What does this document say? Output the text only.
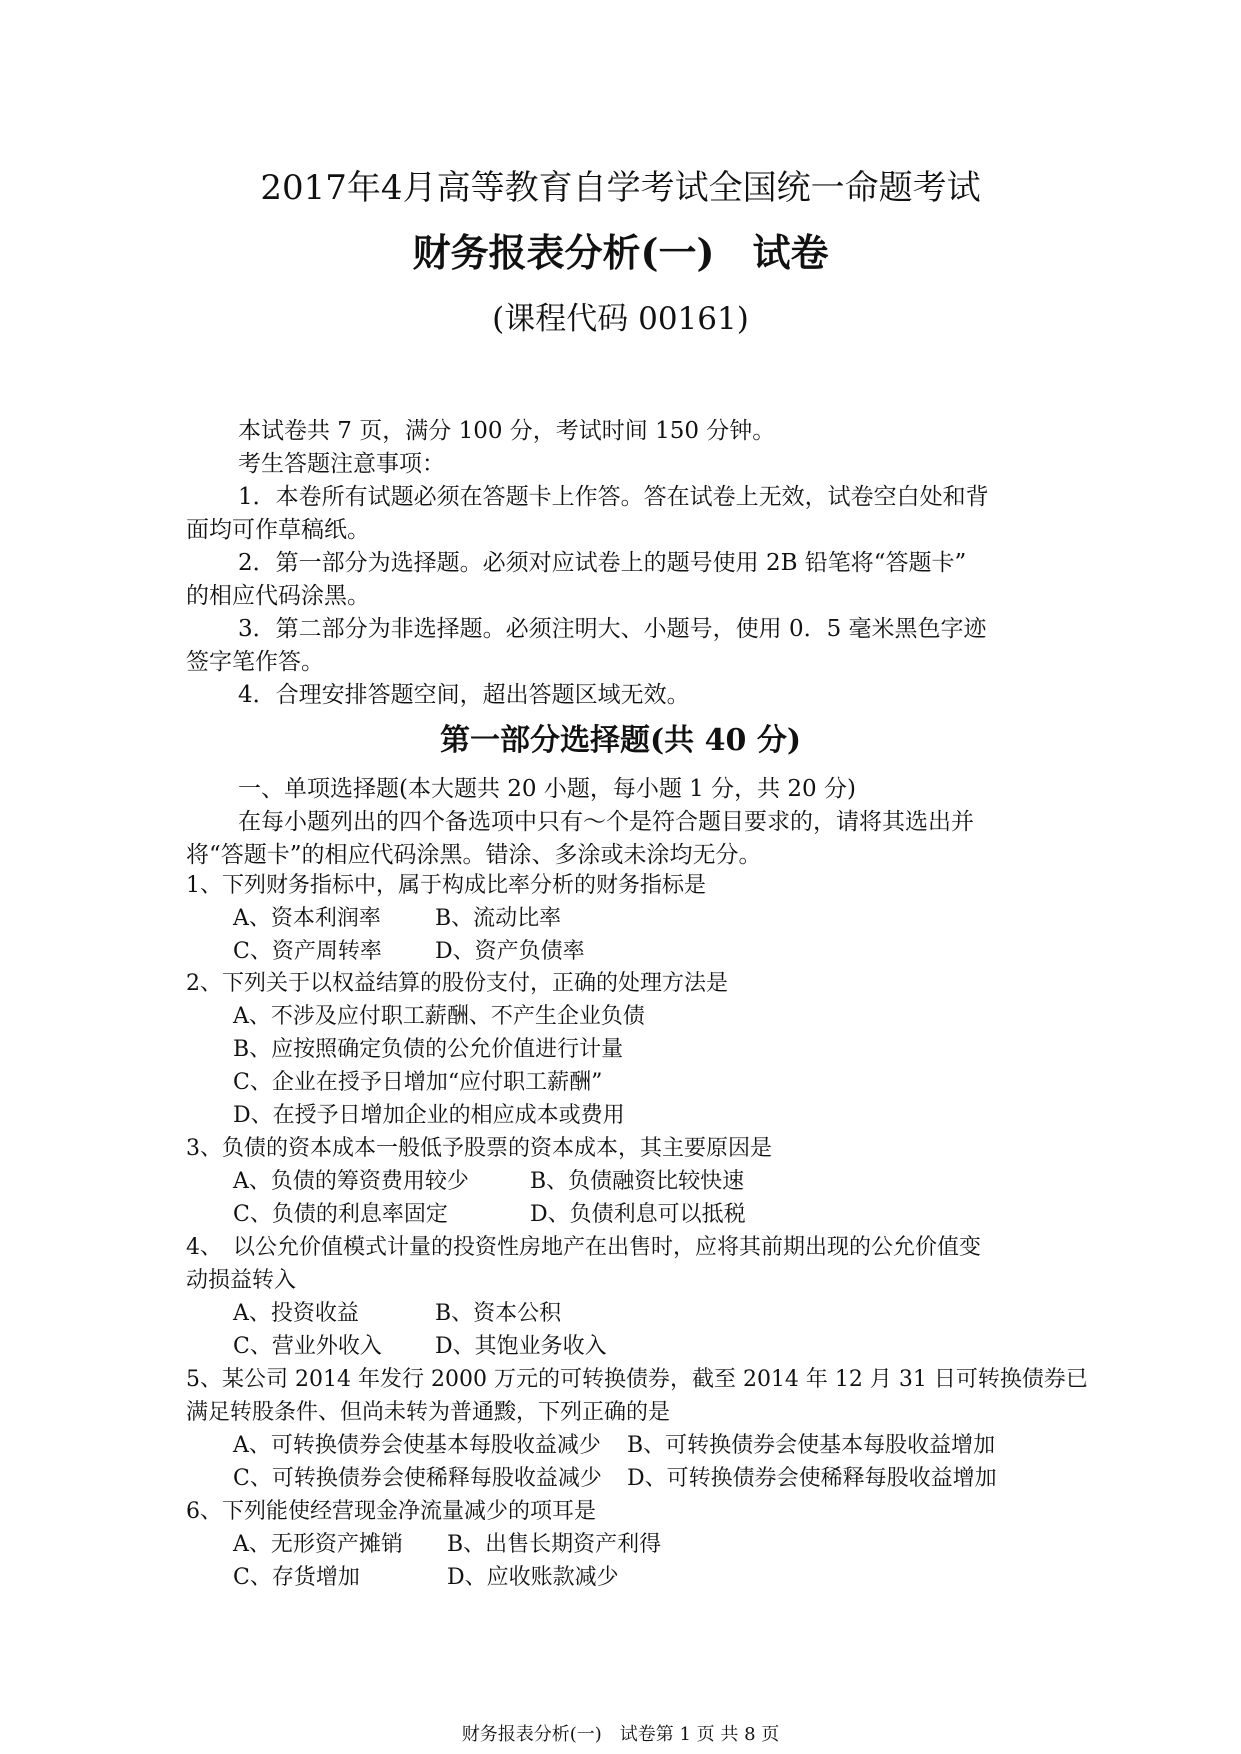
2017年4月高等教育自学考试全国统一命题考试
财务报表分析(一)　试卷
(课程代码 00161)
本试卷共 7 页，满分 100 分，考试时间 150 分钟。
考生答题注意事项：
1．本卷所有试题必须在答题卡上作答。答在试卷上无效，试卷空白处和背
面均可作草稿纸。
2．第一部分为选择题。必须对应试卷上的题号使用 2B 铅笔将“答题卡”
的相应代码涂黑。
3．第二部分为非选择题。必须注明大、小题号，使用 0．5 毫米黑色字迹
签字笔作答。
4．合理安排答题空间，超出答题区域无效。
第一部分选择题(共 40 分)
一、单项选择题(本大题共 20 小题，每小题 1 分，共 20 分)
在每小题列出的四个备选项中只有～个是符合题目要求的，请将其选出并
将“答题卡”的相应代码涂黑。错涂、多涂或未涂均无分。
1、下列财务指标中，属于构成比率分析的财务指标是
A、资本利润率 B、流动比率
C、资产周转率 D、资产负债率
2、下列关于以权益结算的股份支付，正确的处理方法是
A、不涉及应付职工薪酬、不产生企业负债
B、应按照确定负债的公允价值进行计量
C、企业在授予日增加“应付职工薪酬”
D、在授予日增加企业的相应成本或费用
3、负债的资本成本一般低予股票的资本成本，其主要原因是
A、负债的筹资费用较少	B、负债融资比较快速
C、负债的利息率固定	D、负债利息可以抵税
4、　以公允价值模式计量的投资性房地产在出售时，应将其前期出现的公允价值变
动损益转入
A、投资收益	B、资本公积
C、营业外收入 D、其饱业务收入
5、某公司 2014 年发行 2000 万元的可转换债券，截至 2014 年 12 月 31 日可转换债券已
满足转股条件、但尚未转为普通黢，下列正确的是
A、可转换债券会使基本每股收益减少 B、可转换债券会使基本每股收益增加
C、可转换债券会使稀释每股收益减少 D、可转换债券会使稀释每股收益增加
6、下列能使经营现金净流量减少的项耳是
A、无形资产摊销 B、出售长期资产利得
C、存货增加	D、应收账款减少
财务报表分析(一)　试卷第 1 页 共 8 页
